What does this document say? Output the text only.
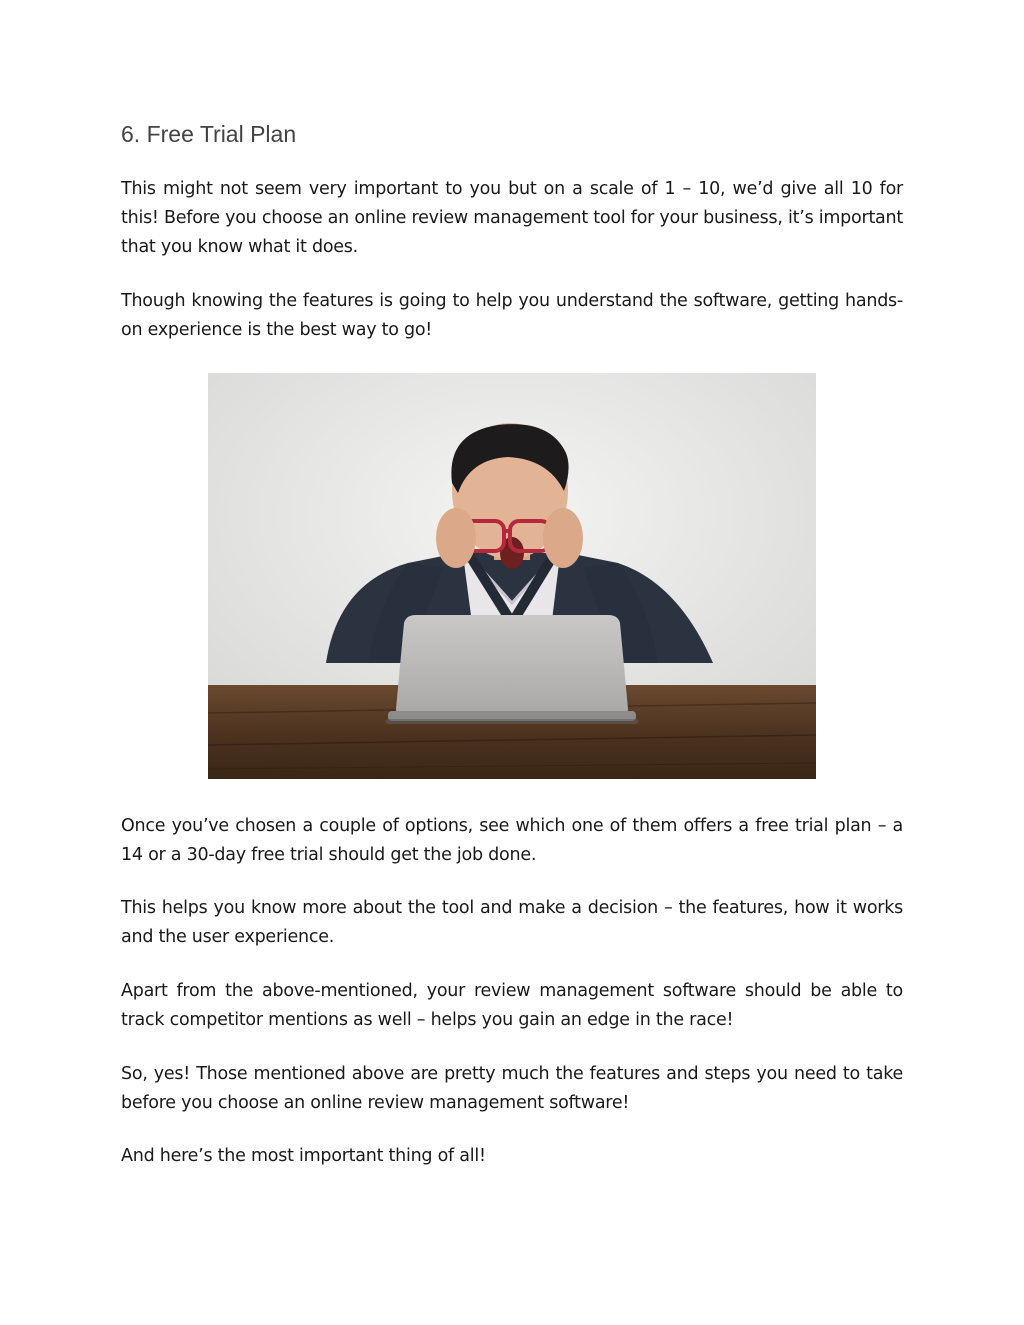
6. Free Trial Plan

This might not seem very important to you but on a scale of 1 – 10, we’d give all 10 for this! Before you choose an online review management tool for your business, it’s important that you know what it does.

Though knowing the features is going to help you understand the software, getting hands-on experience is the best way to go!

Once you’ve chosen a couple of options, see which one of them offers a free trial plan – a 14 or a 30-day free trial should get the job done.

This helps you know more about the tool and make a decision – the features, how it works and the user experience.

Apart from the above-mentioned, your review management software should be able to track competitor mentions as well – helps you gain an edge in the race!

So, yes! Those mentioned above are pretty much the features and steps you need to take before you choose an online review management software!

And here’s the most important thing of all!
